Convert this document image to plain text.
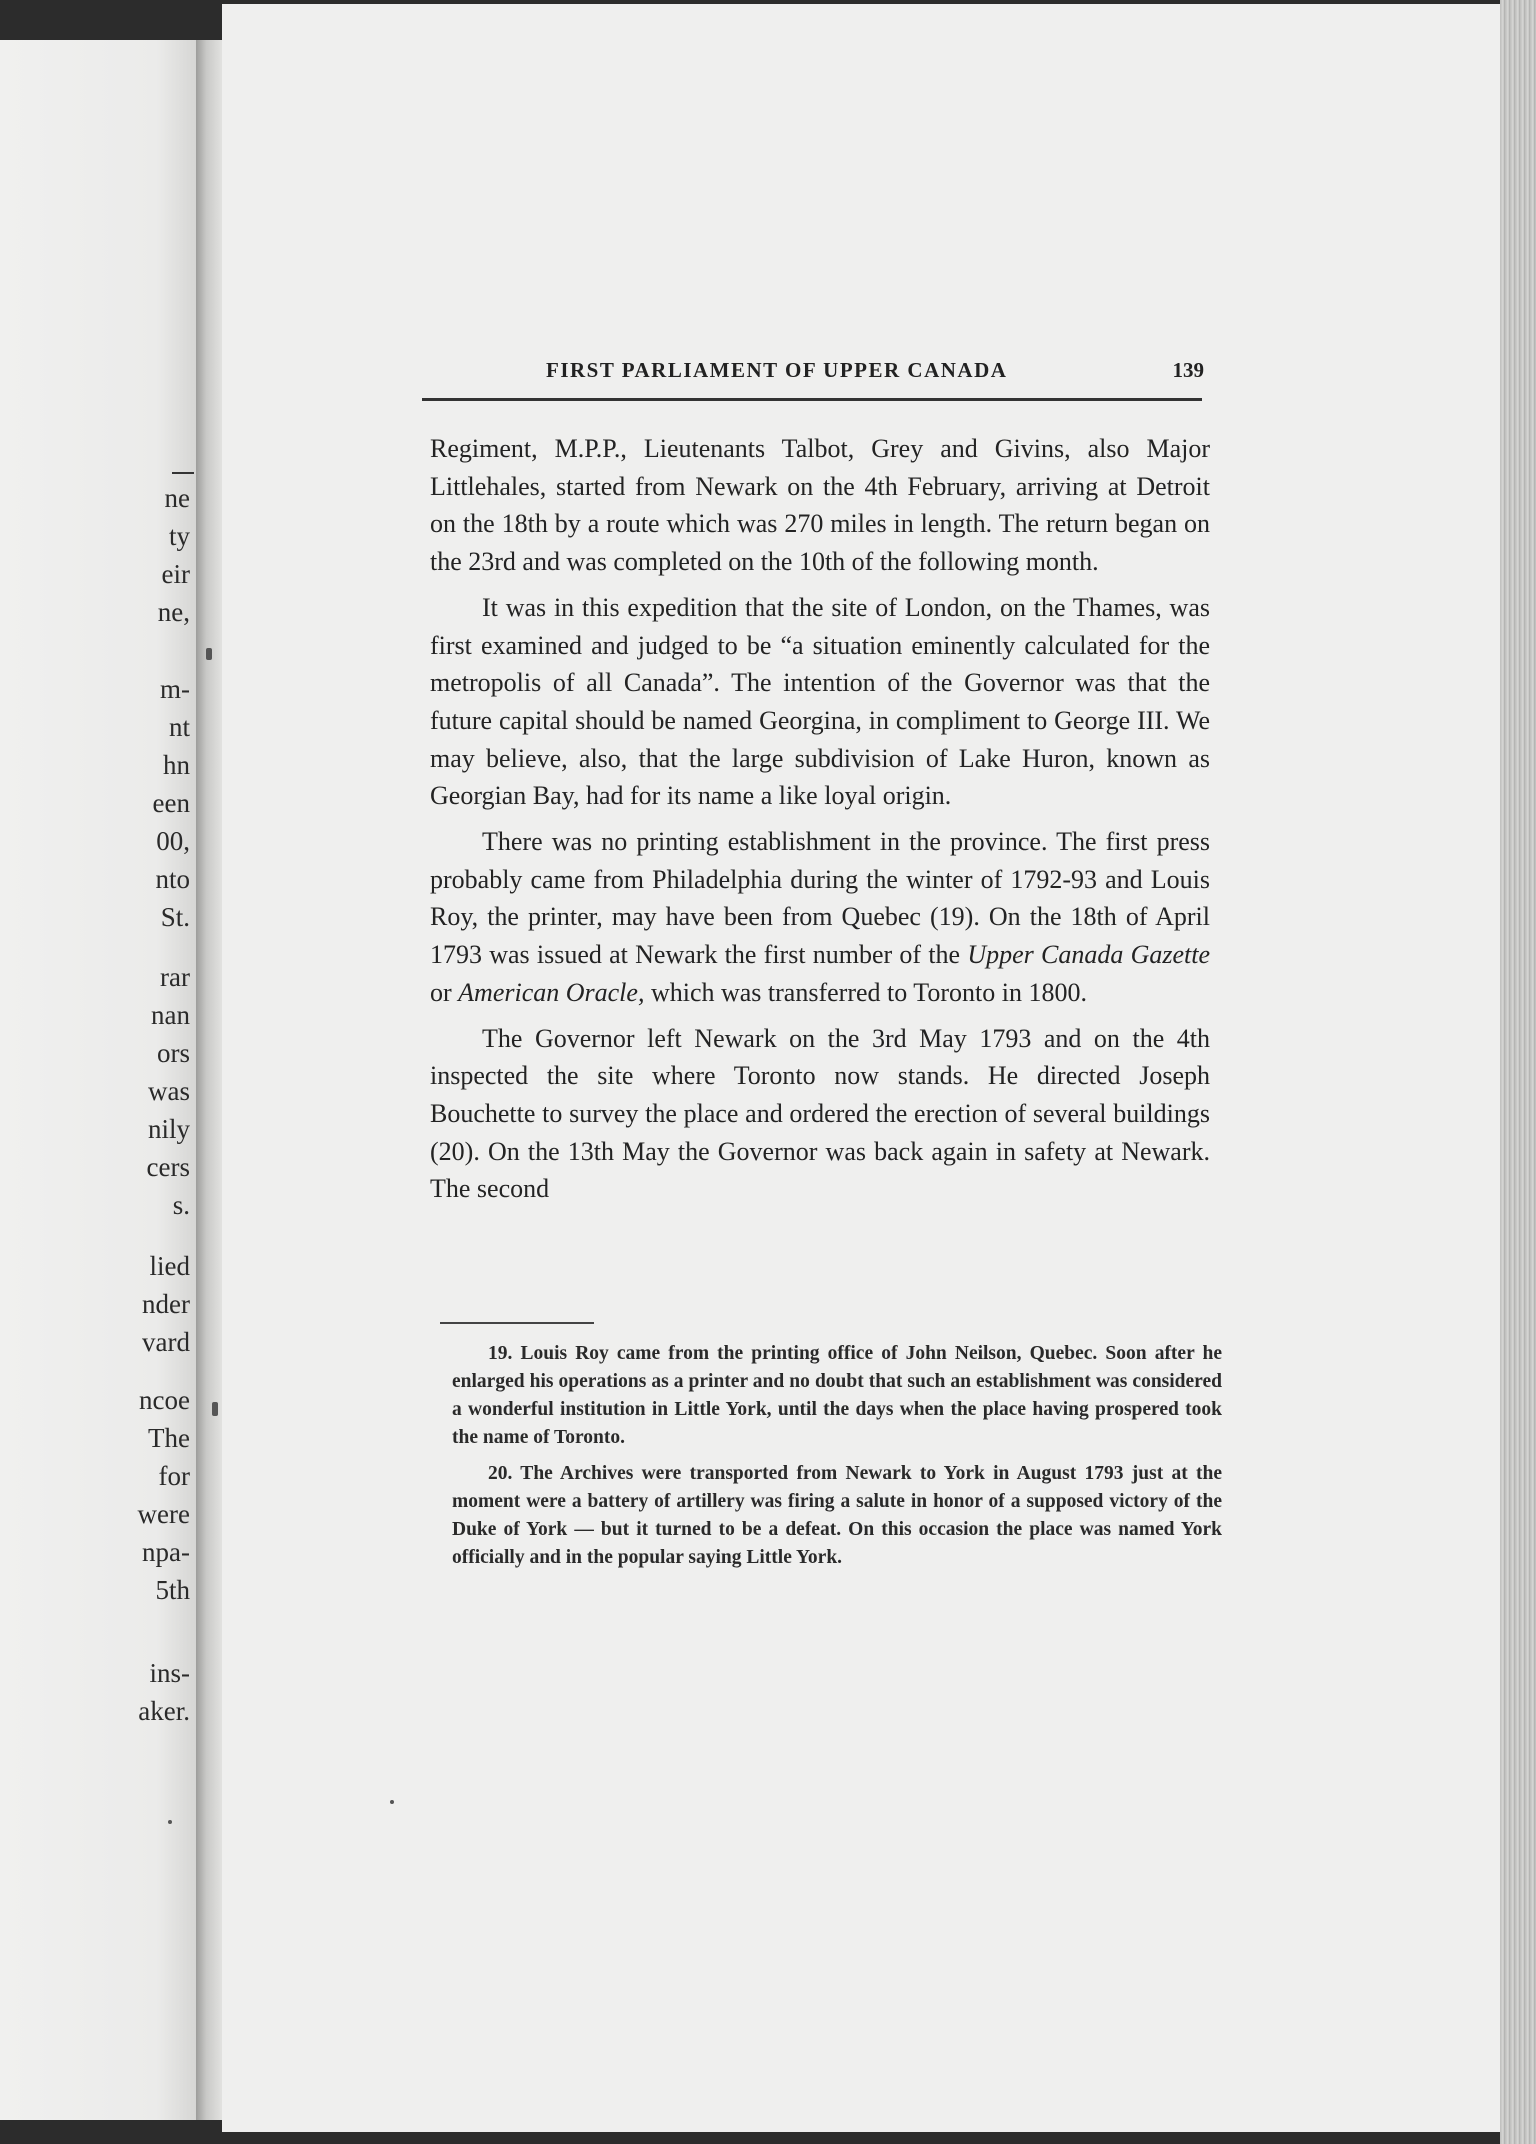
ne

ty

eir

ne,

m-

nt

hn

een

00,

nto

St.

rar

nan

ors

was

nily

cers

s.

lied

nder

vard

ncoe

The

for

were

npa-

5th

ins-

aker.

FIRST PARLIAMENT OF UPPER CANADA	139

Regiment, M.P.P., Lieutenants Talbot, Grey and Givins, also Major Littlehales, started from Newark on the 4th February, arriving at Detroit on the 18th by a route which was 270 miles in length. The return began on the 23rd and was completed on the 10th of the following month.

It was in this expedition that the site of London, on the Thames, was first examined and judged to be “a situation eminently calculated for the metropolis of all Canada”. The intention of the Governor was that the future capital should be named Georgina, in compliment to George III. We may believe, also, that the large subdivision of Lake Huron, known as Georgian Bay, had for its name a like loyal origin.

There was no printing establishment in the province. The first press probably came from Philadelphia during the winter of 1792-93 and Louis Roy, the printer, may have been from Quebec (19). On the 18th of April 1793 was issued at Newark the first number of the Upper Canada Gazette or American Oracle, which was transferred to Toronto in 1800.

The Governor left Newark on the 3rd May 1793 and on the 4th inspected the site where Toronto now stands. He directed Joseph Bouchette to survey the place and ordered the erection of several buildings (20). On the 13th May the Governor was back again in safety at Newark. The second

19. Louis Roy came from the printing office of John Neilson, Quebec. Soon after he enlarged his operations as a printer and no doubt that such an establishment was considered a wonderful institution in Little York, until the days when the place having prospered took the name of Toronto.

20. The Archives were transported from Newark to York in August 1793 just at the moment were a battery of artillery was firing a salute in honor of a supposed victory of the Duke of York — but it turned to be a defeat. On this occasion the place was named York officially and in the popular saying Little York.
